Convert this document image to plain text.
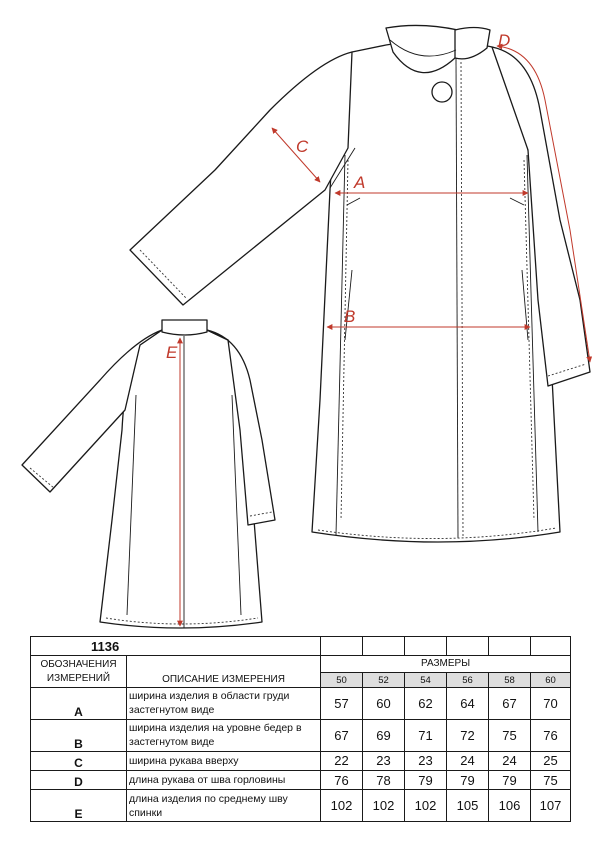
C
A
B
D
E
1136							
ОБОЗНАЧЕНИЯ ИЗМЕРЕНИЙ	ОПИСАНИЕ ИЗМЕРЕНИЯ	РАЗМЕРЫ					
		50	52	54	56	58	60
A	ширина изделия в области груди застегнутом виде	57	60	62	64	67	70
B	ширина изделия на уровне бедер в застегнутом виде	67	69	71	72	75	76
C	ширина рукава вверху	22	23	23	24	24	25
D	длина рукава от шва горловины	76	78	79	79	79	75
E	длина изделия по среднему шву спинки	102	102	102	105	106	107
